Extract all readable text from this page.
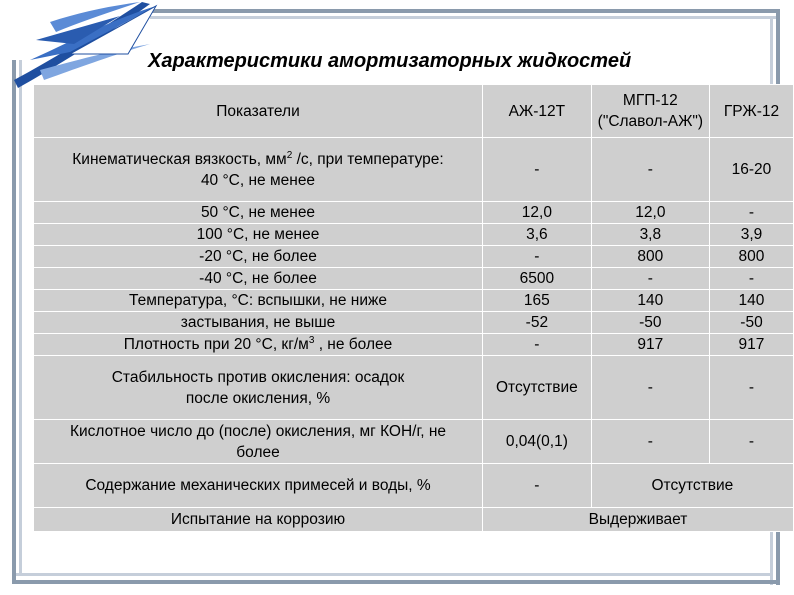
Характеристики амортизаторных жидкостей
Показатели	АЖ-12Т	МГП-12 ("Славол-АЖ")	ГРЖ-12
Кинематическая вязкость, $мм^2$ /с, при температуре:
40 °С, не менее	-	-	16-20
50 °С, не менее	12,0	12,0	-
100 °С, не менее	3,6	3,8	3,9
-20 °С, не более	-	800	800
-40 °С, не более	6500	-	-
Температура, °С: вспышки, не ниже	165	140	140
застывания, не выше	-52	-50	-50
Плотность при 20 °С, $кг/м^3$ , не более	-	917	917
Стабильность против окисления: осадок после окисления, %	Отсутствие	-	-
Кислотное число до (после) окисления, мг КОН/г, не более	0,04(0,1)	-	-
Содержание механических примесей и воды, %	-	Отсутствие	
Испытание на коррозию	Выдерживает		
